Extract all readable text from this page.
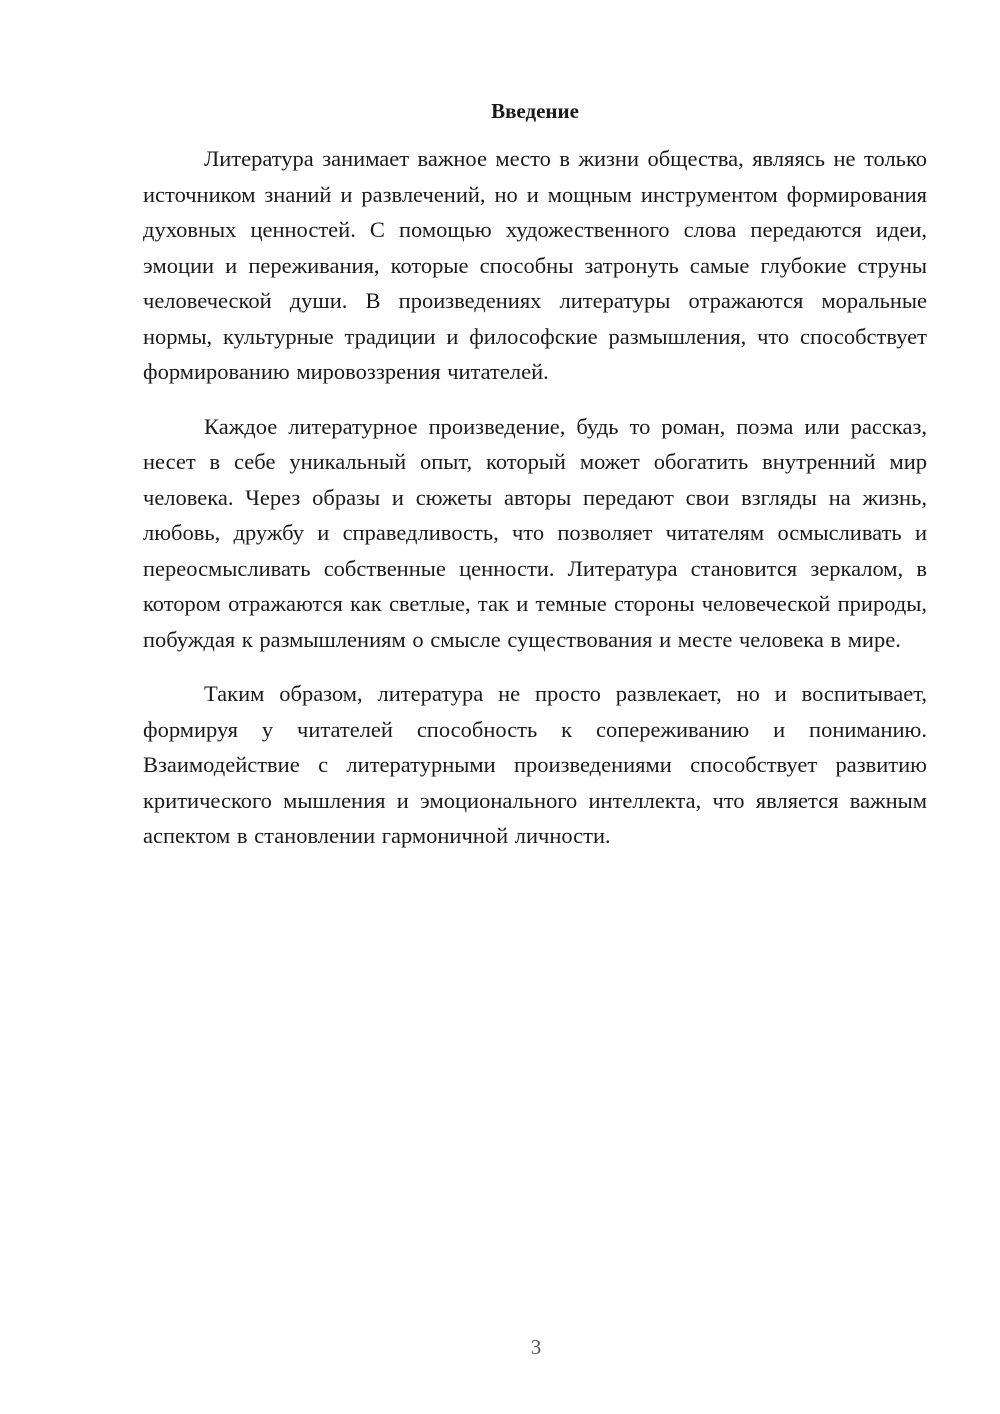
Введение

Литература занимает важное место в жизни общества, являясь не только источником знаний и развлечений, но и мощным инструментом формирования духовных ценностей. С помощью художественного слова передаются идеи, эмоции и переживания, которые способны затронуть самые глубокие струны человеческой души. В произведениях литературы отражаются моральные нормы, культурные традиции и философские размышления, что способствует формированию мировоззрения читателей.

Каждое литературное произведение, будь то роман, поэма или рассказ, несет в себе уникальный опыт, который может обогатить внутренний мир человека. Через образы и сюжеты авторы передают свои взгляды на жизнь, любовь, дружбу и справедливость, что позволяет читателям осмысливать и переосмысливать собственные ценности. Литература становится зеркалом, в котором отражаются как светлые, так и темные стороны человеческой природы, побуждая к размышлениям о смысле существования и месте человека в мире.

Таким образом, литература не просто развлекает, но и воспитывает, формируя у читателей способность к сопереживанию и пониманию. Взаимодействие с литературными произведениями способствует развитию критического мышления и эмоционального интеллекта, что является важным аспектом в становлении гармоничной личности.

3
